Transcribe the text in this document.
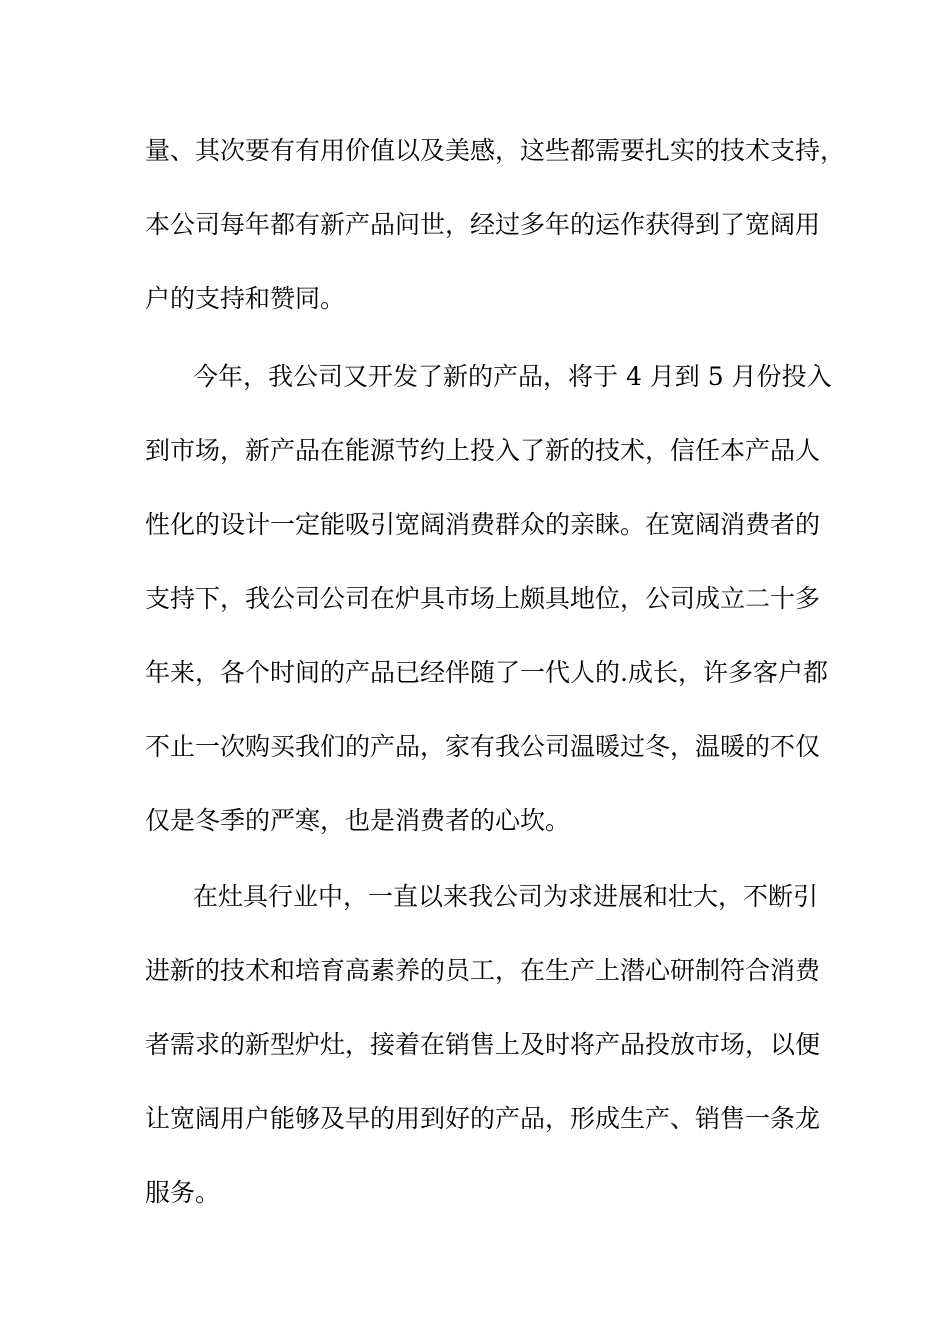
量、其次要有有用价值以及美感，这些都需要扎实的技术支持，
本公司每年都有新产品问世，经过多年的运作获得到了宽阔用
户的支持和赞同。
今年，我公司又开发了新的产品，将于 4 月到 5 月份投入
到市场，新产品在能源节约上投入了新的技术，信任本产品人
性化的设计一定能吸引宽阔消费群众的亲睐。在宽阔消费者的
支持下，我公司公司在炉具市场上颇具地位，公司成立二十多
年来，各个时间的产品已经伴随了一代人的.成长，许多客户都
不止一次购买我们的产品，家有我公司温暖过冬，温暖的不仅
仅是冬季的严寒，也是消费者的心坎。
在灶具行业中，一直以来我公司为求进展和壮大，不断引
进新的技术和培育高素养的员工，在生产上潜心研制符合消费
者需求的新型炉灶，接着在销售上及时将产品投放市场，以便
让宽阔用户能够及早的用到好的产品，形成生产、销售一条龙
服务。
